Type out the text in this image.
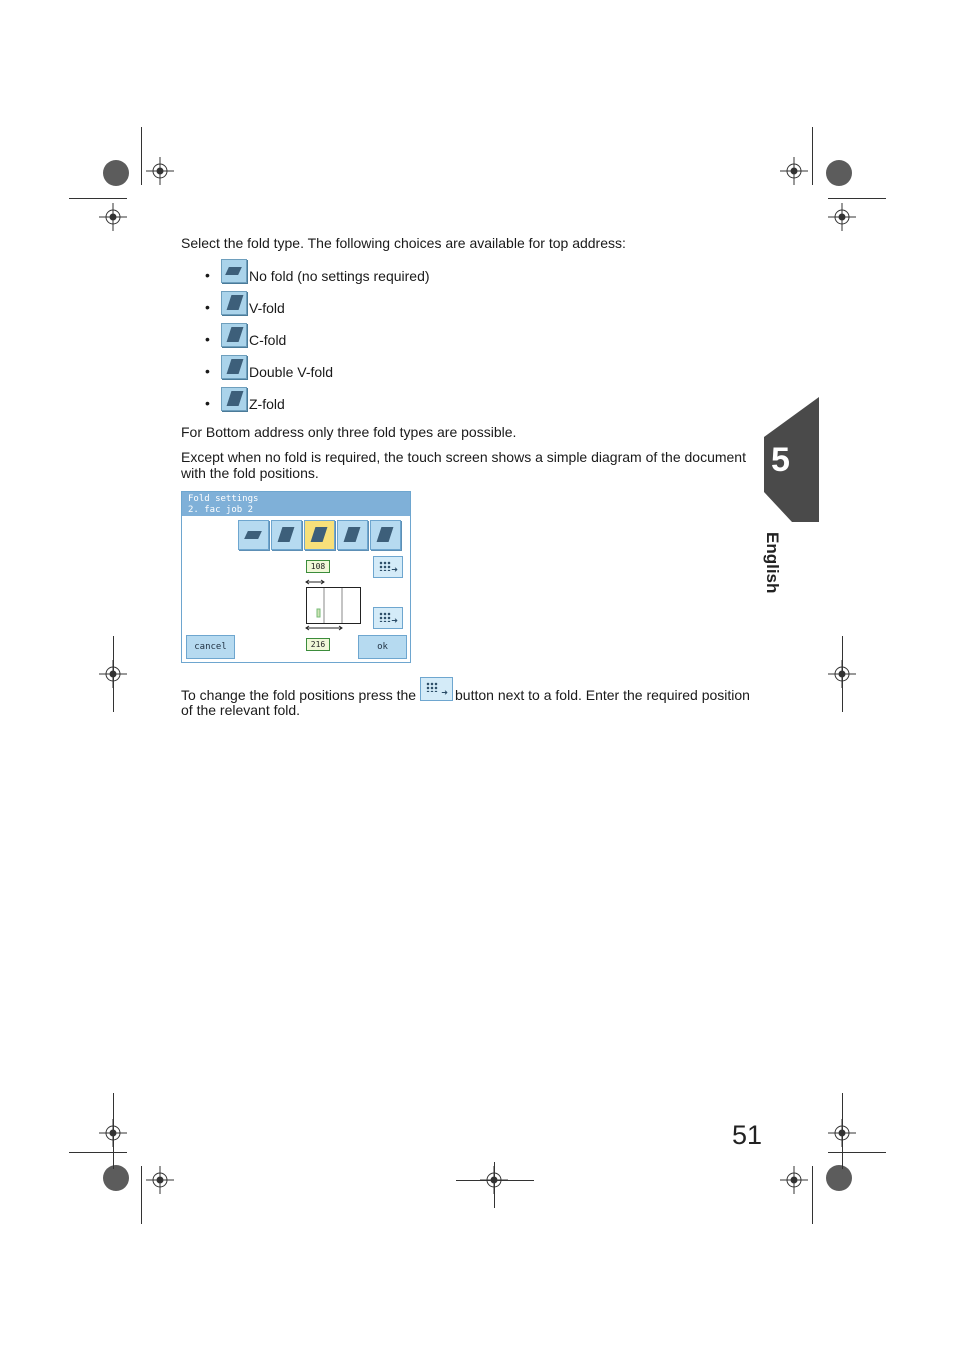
Select the fold type. The following choices are available for top address:
•	No fold (no settings required)
•	V-fold
•	C-fold
•	Double V-fold
•	Z-fold
For Bottom address only three fold types are possible.
Except when no fold is required, the touch screen shows a simple diagram of the document
with the fold positions.
Fold settings
2. fac job 2
108	➜
➜
216
cancel	ok
To change the fold positions press the	➜ button next to a fold. Enter the required position
of the relevant fold.
5
English
51
